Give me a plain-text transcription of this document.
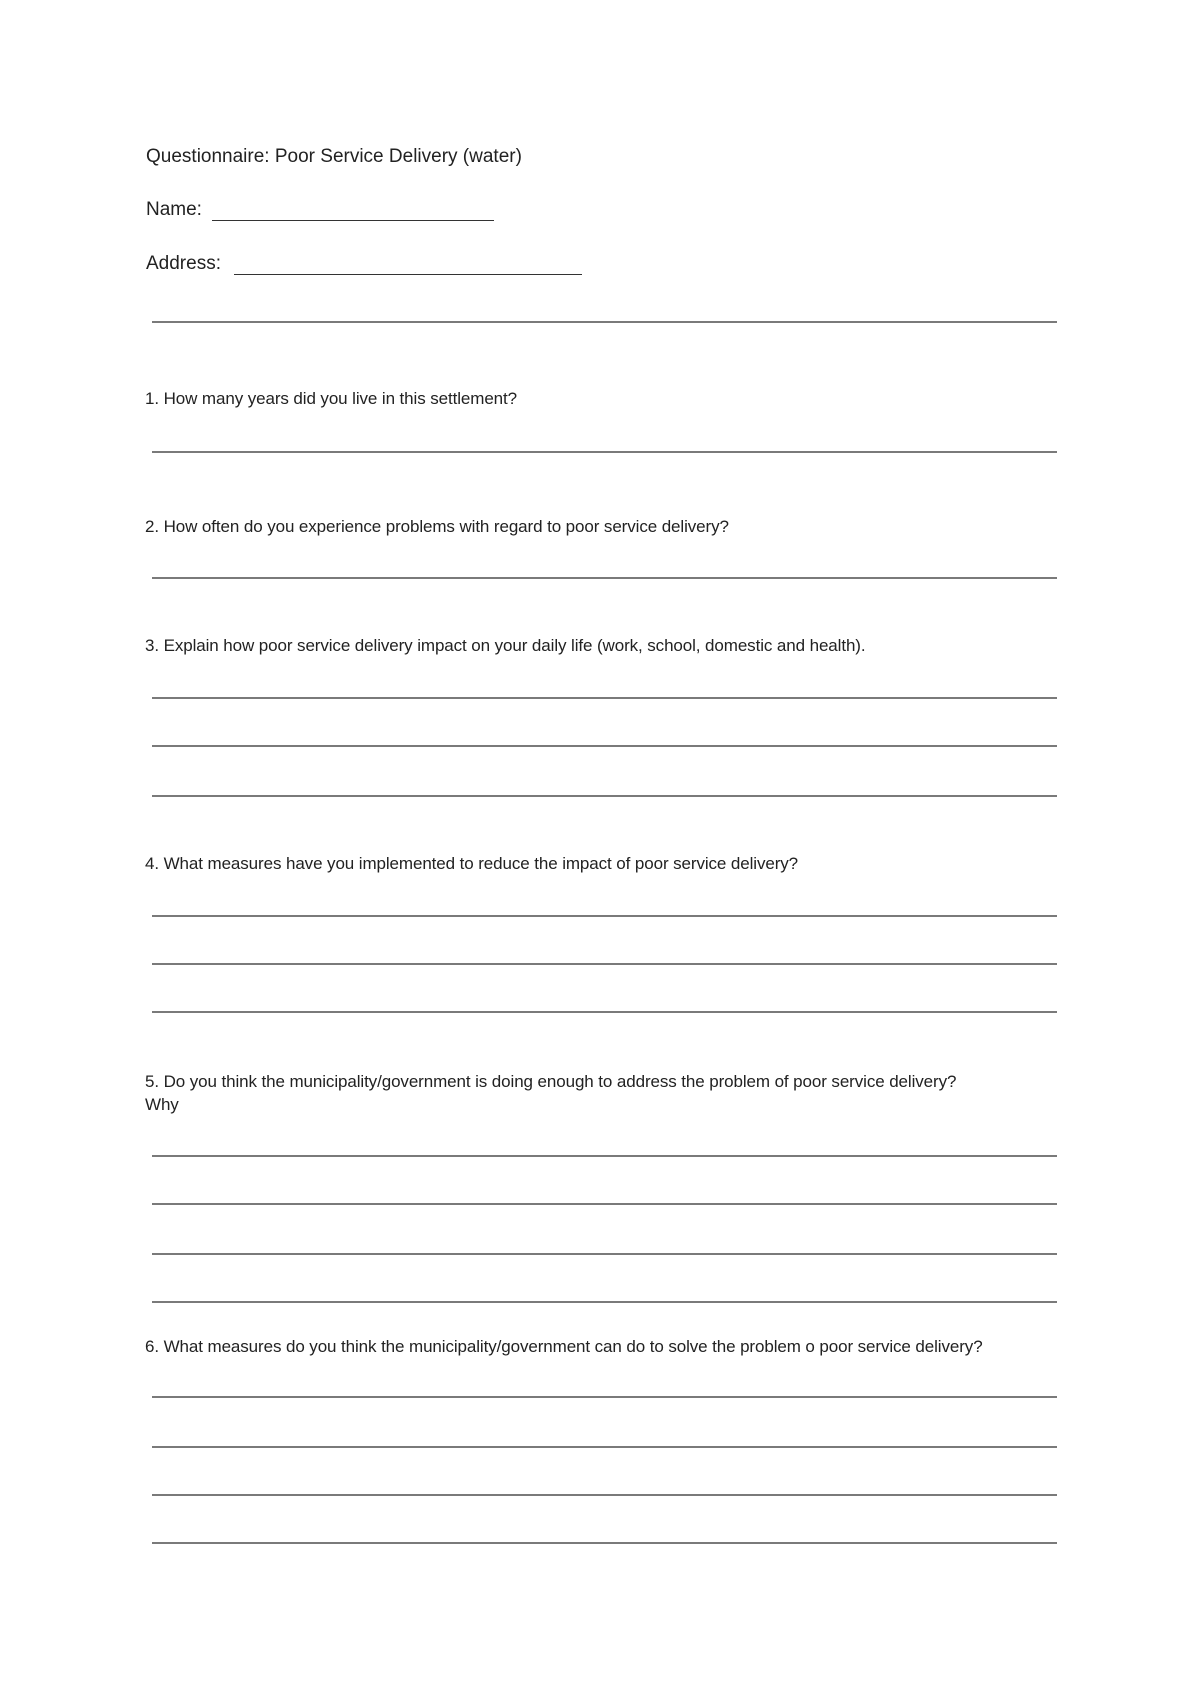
Questionnaire: Poor Service Delivery (water)
Name:
Address:
1. How many years did you live in this settlement?
2. How often do you experience problems with regard to poor service delivery?
3. Explain how poor service delivery impact on your daily life (work, school, domestic and health).
4. What measures have you implemented to reduce the impact of poor service delivery?
5. Do you think the municipality/government is doing enough to address the problem of poor service delivery?
Why
6. What measures do you think the municipality/government can do to solve the problem o poor service delivery?
